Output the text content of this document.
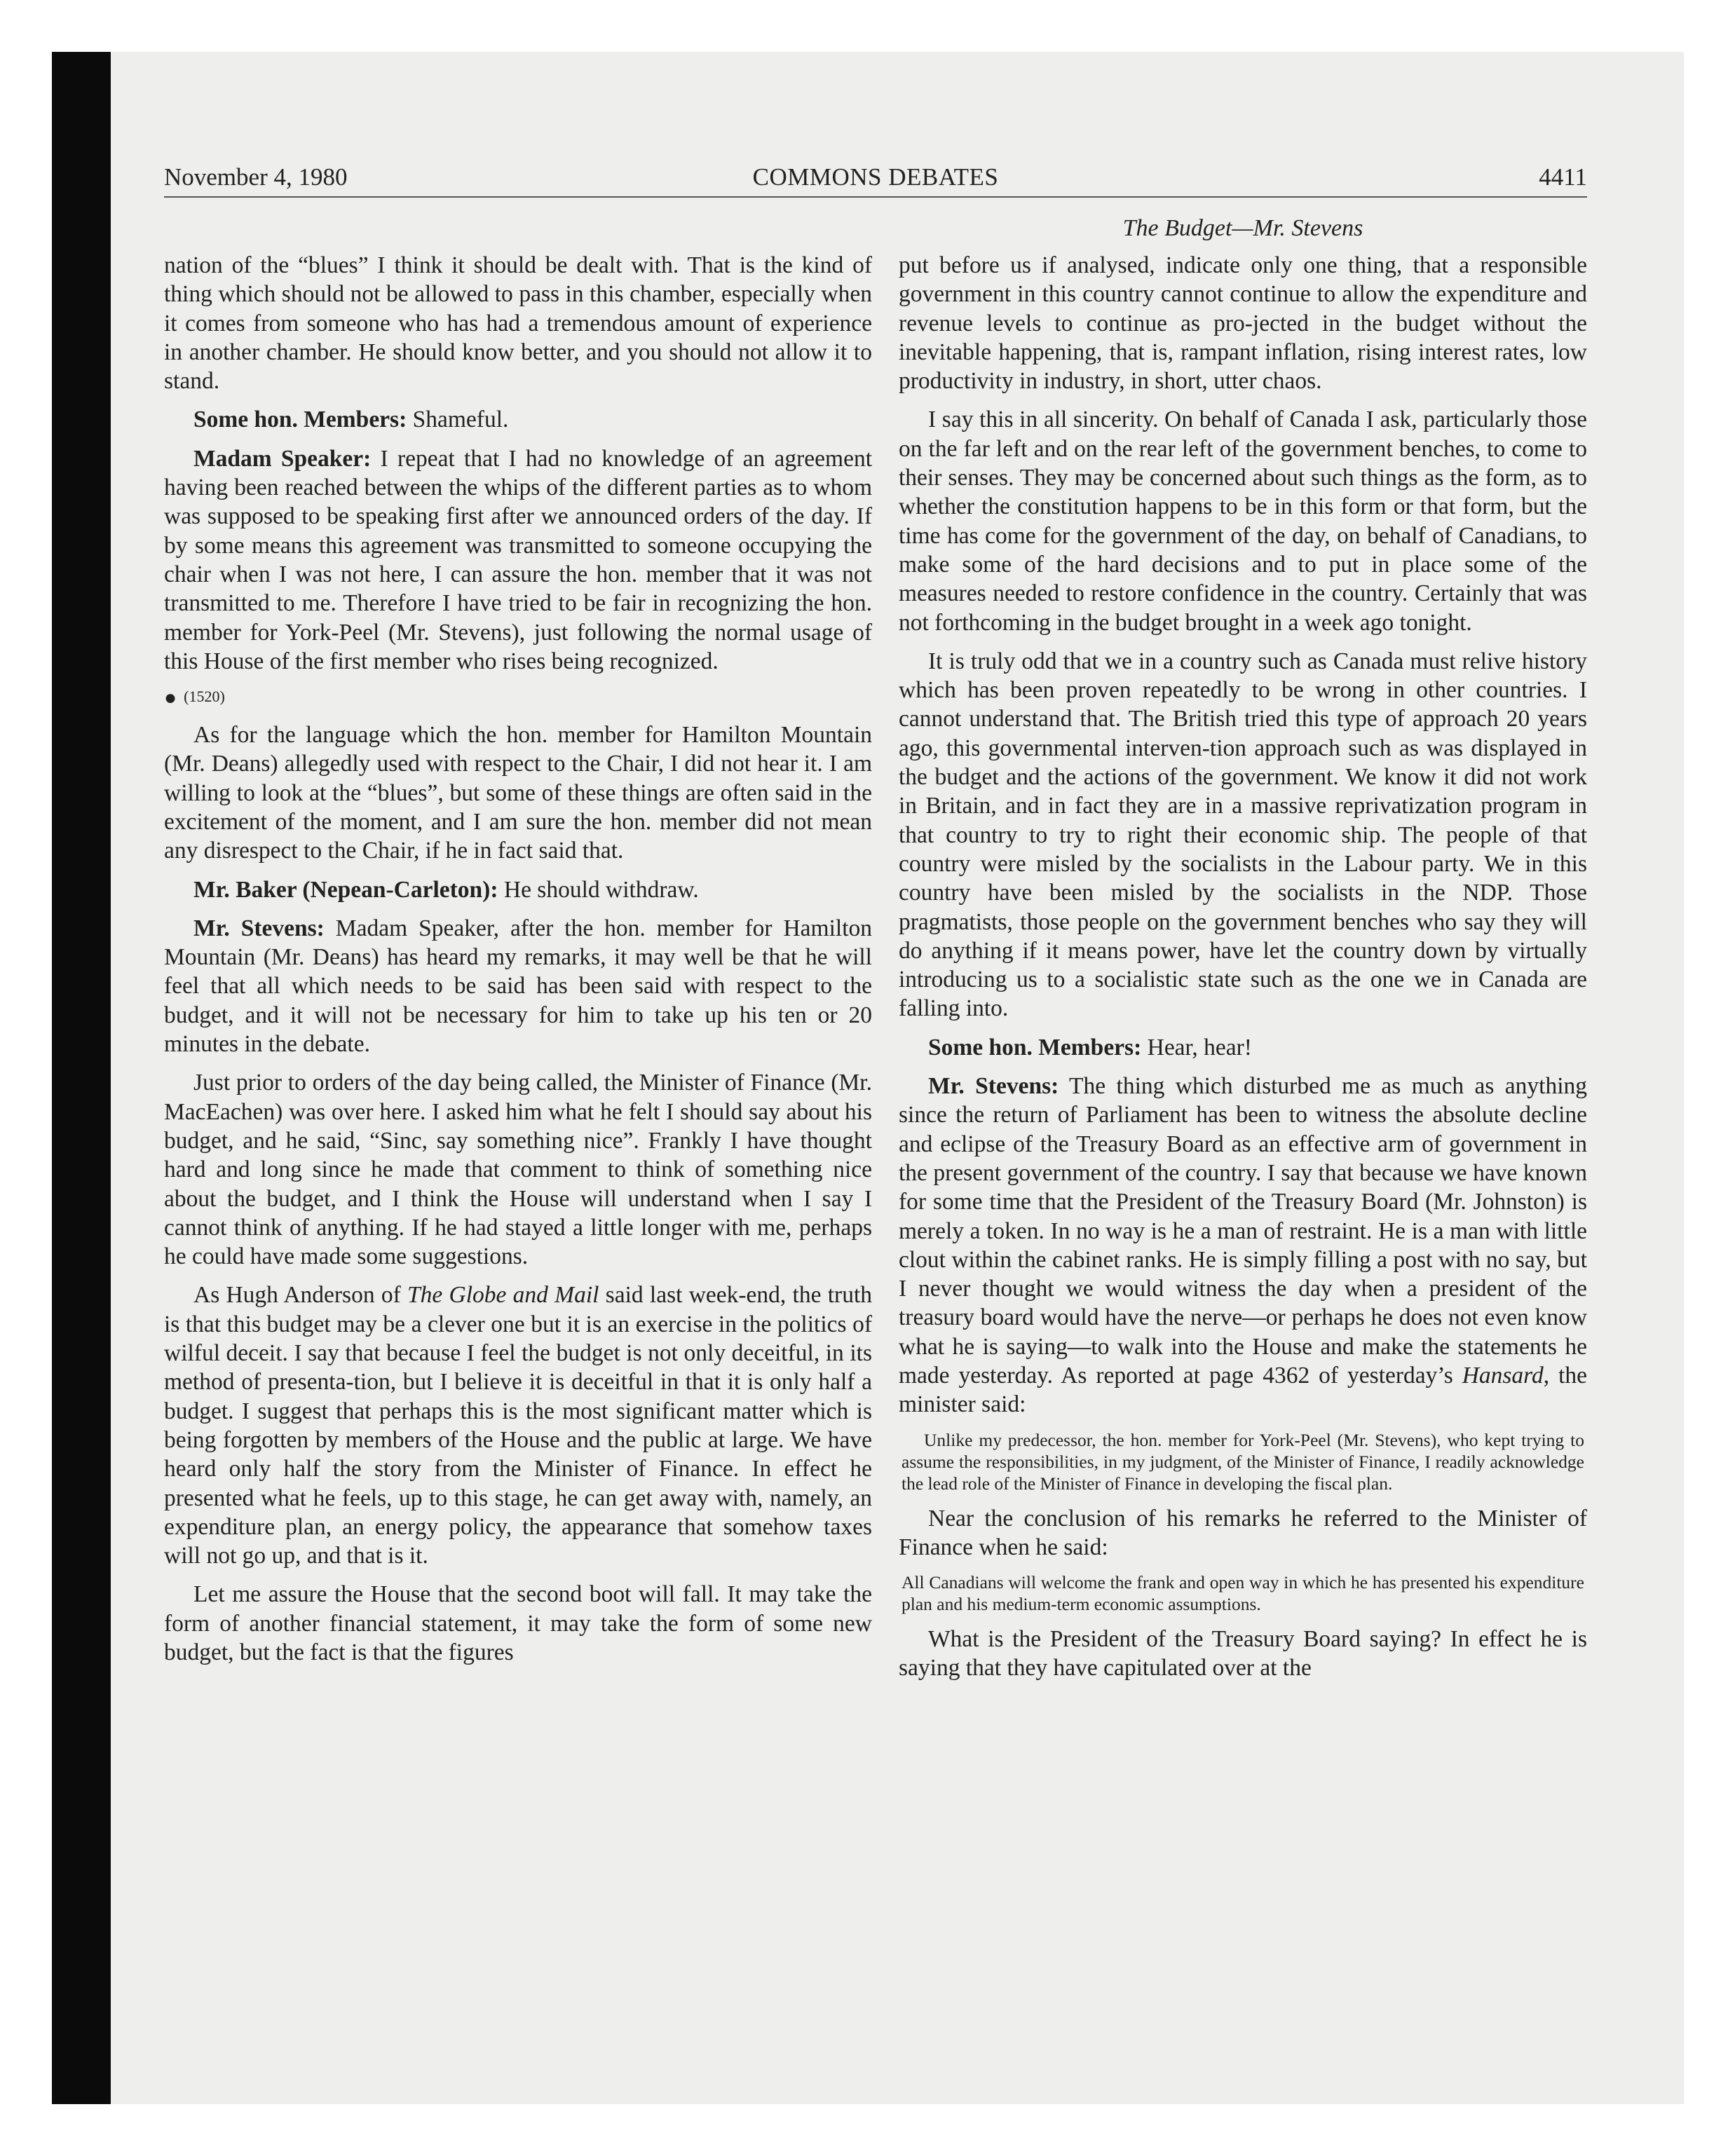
November 4, 1980	COMMONS DEBATES	4411
The Budget—Mr. Stevens

nation of the “blues” I think it should be dealt with. That is the kind of thing which should not be allowed to pass in this chamber, especially when it comes from someone who has had a tremendous amount of experience in another chamber. He should know better, and you should not allow it to stand.

Some hon. Members: Shameful.

Madam Speaker: I repeat that I had no knowledge of an agreement having been reached between the whips of the different parties as to whom was supposed to be speaking first after we announced orders of the day. If by some means this agreement was transmitted to someone occupying the chair when I was not here, I can assure the hon. member that it was not transmitted to me. Therefore I have tried to be fair in recognizing the hon. member for York-Peel (Mr. Stevens), just following the normal usage of this House of the first member who rises being recognized.

● (1520)

As for the language which the hon. member for Hamilton Mountain (Mr. Deans) allegedly used with respect to the Chair, I did not hear it. I am willing to look at the “blues”, but some of these things are often said in the excitement of the moment, and I am sure the hon. member did not mean any disrespect to the Chair, if he in fact said that.

Mr. Baker (Nepean-Carleton): He should withdraw.

Mr. Stevens: Madam Speaker, after the hon. member for Hamilton Mountain (Mr. Deans) has heard my remarks, it may well be that he will feel that all which needs to be said has been said with respect to the budget, and it will not be necessary for him to take up his ten or 20 minutes in the debate.

Just prior to orders of the day being called, the Minister of Finance (Mr. MacEachen) was over here. I asked him what he felt I should say about his budget, and he said, “Sinc, say something nice”. Frankly I have thought hard and long since he made that comment to think of something nice about the budget, and I think the House will understand when I say I cannot think of anything. If he had stayed a little longer with me, perhaps he could have made some suggestions.

As Hugh Anderson of The Globe and Mail said last week-end, the truth is that this budget may be a clever one but it is an exercise in the politics of wilful deceit. I say that because I feel the budget is not only deceitful, in its method of presenta-tion, but I believe it is deceitful in that it is only half a budget. I suggest that perhaps this is the most significant matter which is being forgotten by members of the House and the public at large. We have heard only half the story from the Minister of Finance. In effect he presented what he feels, up to this stage, he can get away with, namely, an expenditure plan, an energy policy, the appearance that somehow taxes will not go up, and that is it.

Let me assure the House that the second boot will fall. It may take the form of another financial statement, it may take the form of some new budget, but the fact is that the figures

put before us if analysed, indicate only one thing, that a responsible government in this country cannot continue to allow the expenditure and revenue levels to continue as pro-jected in the budget without the inevitable happening, that is, rampant inflation, rising interest rates, low productivity in industry, in short, utter chaos.

I say this in all sincerity. On behalf of Canada I ask, particularly those on the far left and on the rear left of the government benches, to come to their senses. They may be concerned about such things as the form, as to whether the constitution happens to be in this form or that form, but the time has come for the government of the day, on behalf of Canadians, to make some of the hard decisions and to put in place some of the measures needed to restore confidence in the country. Certainly that was not forthcoming in the budget brought in a week ago tonight.

It is truly odd that we in a country such as Canada must relive history which has been proven repeatedly to be wrong in other countries. I cannot understand that. The British tried this type of approach 20 years ago, this governmental interven-tion approach such as was displayed in the budget and the actions of the government. We know it did not work in Britain, and in fact they are in a massive reprivatization program in that country to try to right their economic ship. The people of that country were misled by the socialists in the Labour party. We in this country have been misled by the socialists in the NDP. Those pragmatists, those people on the government benches who say they will do anything if it means power, have let the country down by virtually introducing us to a socialistic state such as the one we in Canada are falling into.

Some hon. Members: Hear, hear!

Mr. Stevens: The thing which disturbed me as much as anything since the return of Parliament has been to witness the absolute decline and eclipse of the Treasury Board as an effective arm of government in the present government of the country. I say that because we have known for some time that the President of the Treasury Board (Mr. Johnston) is merely a token. In no way is he a man of restraint. He is a man with little clout within the cabinet ranks. He is simply filling a post with no say, but I never thought we would witness the day when a president of the treasury board would have the nerve—or perhaps he does not even know what he is saying—to walk into the House and make the statements he made yesterday. As reported at page 4362 of yesterday’s Hansard, the minister said:

Unlike my predecessor, the hon. member for York-Peel (Mr. Stevens), who kept trying to assume the responsibilities, in my judgment, of the Minister of Finance, I readily acknowledge the lead role of the Minister of Finance in developing the fiscal plan.

Near the conclusion of his remarks he referred to the Minister of Finance when he said:

All Canadians will welcome the frank and open way in which he has presented his expenditure plan and his medium-term economic assumptions.

What is the President of the Treasury Board saying? In effect he is saying that they have capitulated over at the
